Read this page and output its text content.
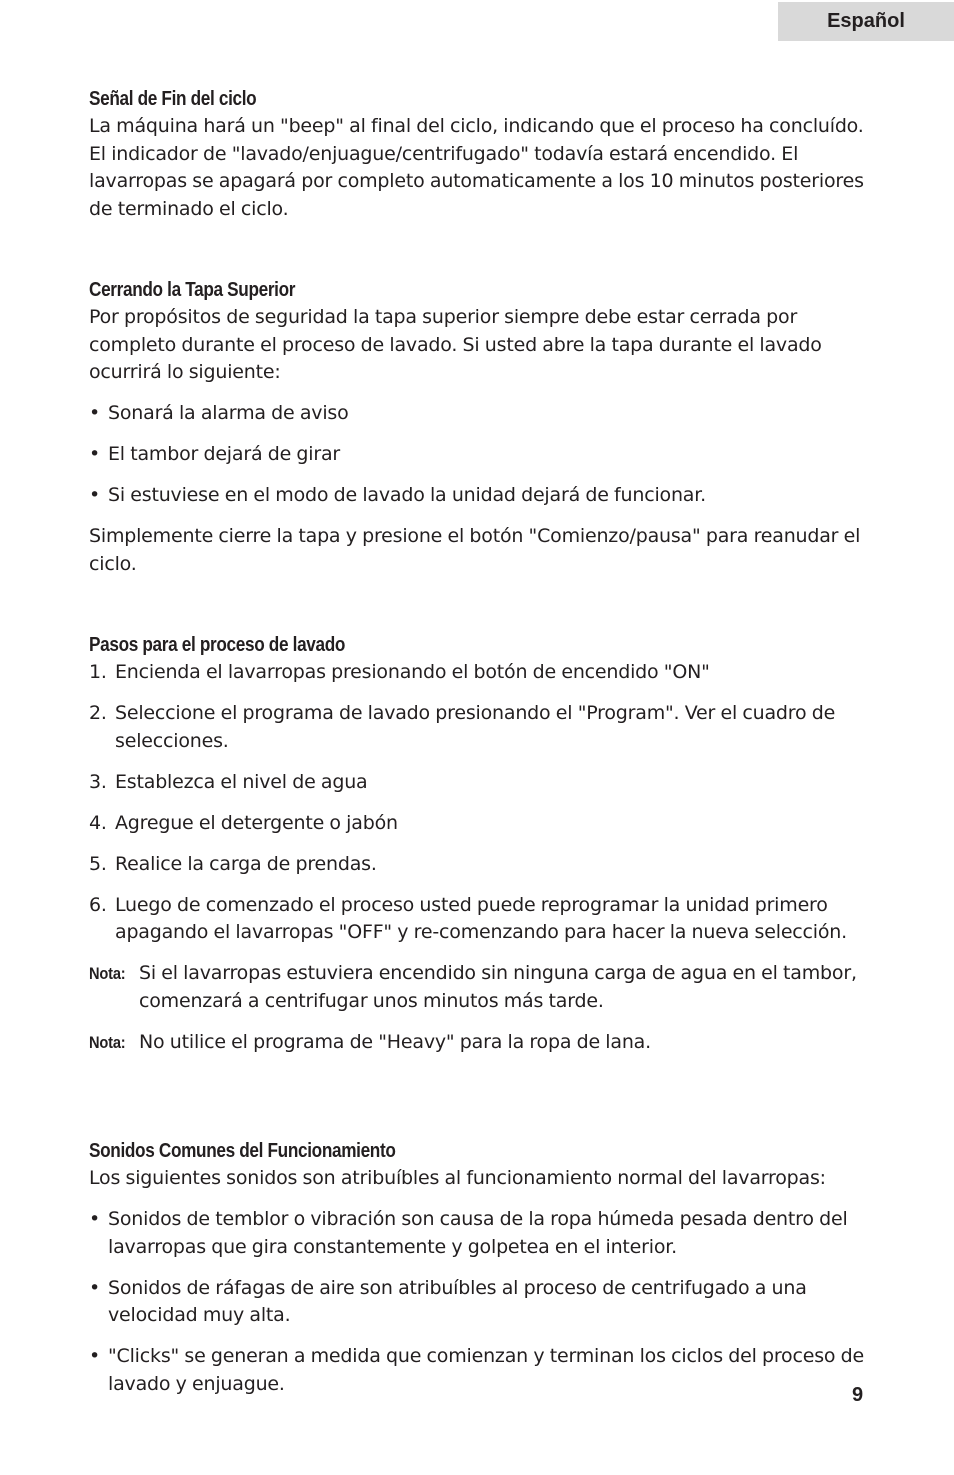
Español
Señal de Fin del ciclo

La máquina hará un "beep" al final del ciclo, indicando que el proceso ha concluído. El indicador de "lavado/enjuague/centrifugado" todavía estará encendido. El lavarropas se apagará por completo automaticamente a los 10 minutos posteriores de terminado el ciclo.

Cerrando la Tapa Superior

Por propósitos de seguridad la tapa superior siempre debe estar cerrada por completo durante el proceso de lavado. Si usted abre la tapa durante el lavado ocurrirá lo siguiente:

• Sonará la alarma de aviso
• El tambor dejará de girar
• Si estuviese en el modo de lavado la unidad dejará de funcionar.

Simplemente cierre la tapa y presione el botón "Comienzo/pausa" para reanudar el ciclo.

Pasos para el proceso de lavado
1. Encienda el lavarropas presionando el botón de encendido "ON"
2. Seleccione el programa de lavado presionando el "Program". Ver el cuadro de selecciones.
3. Establezca el nivel de agua
4. Agregue el detergente o jabón
5. Realice la carga de prendas.
6. Luego de comenzado el proceso usted puede reprogramar la unidad primero apagando el lavarropas "OFF" y re-comenzando para hacer la nueva selección.
Nota: Si el lavarropas estuviera encendido sin ninguna carga de agua en el tambor, comenzará a centrifugar unos minutos más tarde.
Nota: No utilice el programa de "Heavy" para la ropa de lana.
Sonidos Comunes del Funcionamiento

Los siguientes sonidos son atribuíbles al funcionamiento normal del lavarropas:

• Sonidos de temblor o vibración son causa de la ropa húmeda pesada dentro del lavarropas que gira constantemente y golpetea en el interior.
• Sonidos de ráfagas de aire son atribuíbles al proceso de centrifugado a una velocidad muy alta.
• "Clicks" se generan a medida que comienzan y terminan los ciclos del proceso de lavado y enjuague.
9
